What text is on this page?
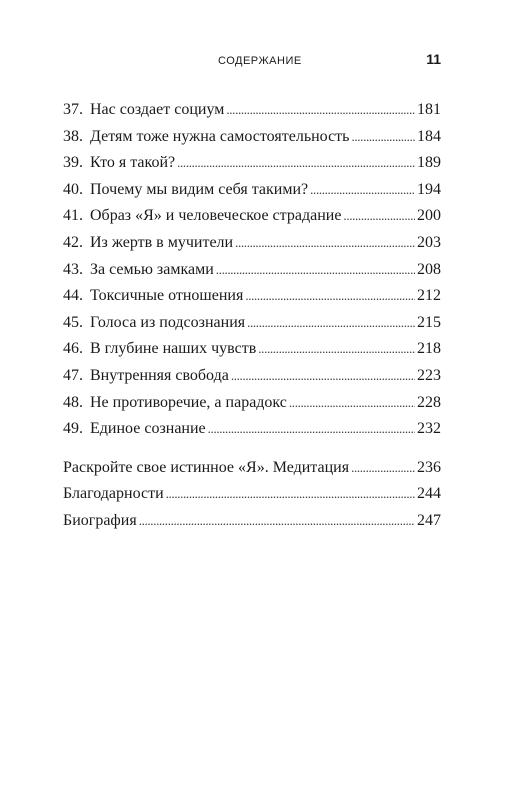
СОДЕРЖАНИЕ	11
37. Нас создает социум . . .	181
38. Детям тоже нужна самостоятельность . . .	184
39. Кто я такой? . . .	189
40. Почему мы видим себя такими? . . .	194
41. Образ «Я» и человеческое страдание . . .	200
42. Из жертв в мучители . . .	203
43. За семью замками . . .	208
44. Токсичные отношения . . .	212
45. Голоса из подсознания . . .	215
46. В глубине наших чувств . . .	218
47. Внутренняя свобода . . .	223
48. Не противоречие, а парадокс . . .	228
49. Единое сознание . . .	232
Раскройте свое истинное «Я». Медитация . . .	236
Благодарности . . .	244
Биография . . .	247
